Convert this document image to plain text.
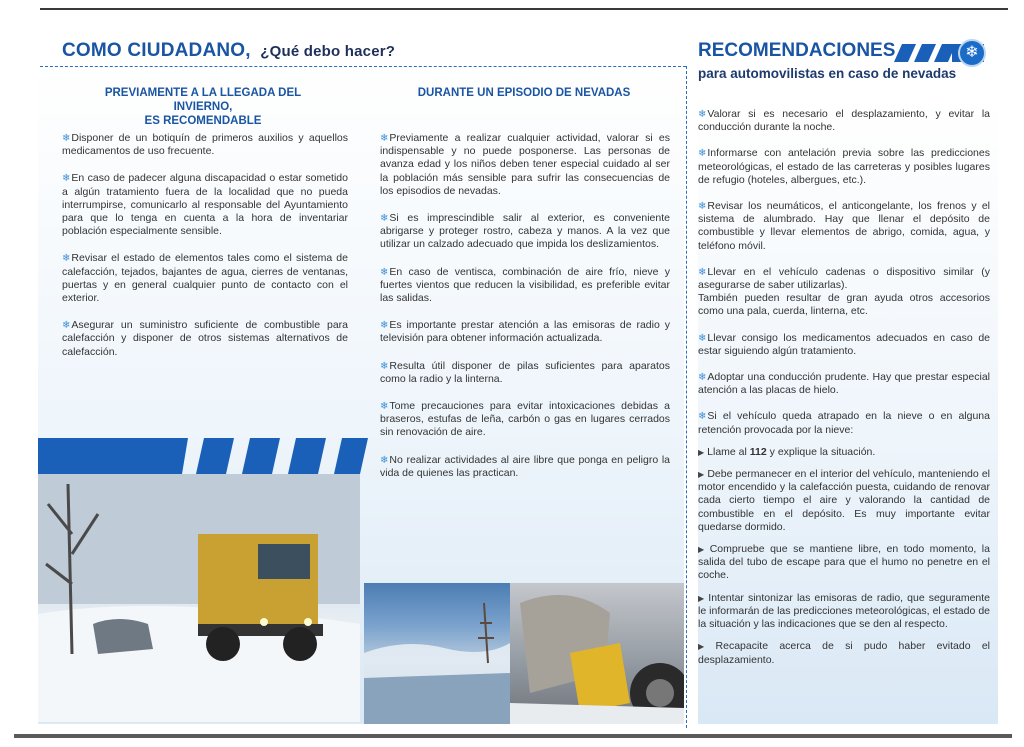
COMO CIUDADANO, ¿Qué debo hacer?	RECOMENDACIONES	❄
para automovilistas en caso de nevadas
PREVIAMENTE A LA LLEGADA DEL INVIERNO,
ES RECOMENDABLE

❄Disponer de un botiquín de primeros auxilios y aquellos medicamentos de uso frecuente.

❄En caso de padecer alguna discapacidad o estar sometido a algún tratamiento fuera de la localidad que no pueda interrumpirse, comunicarlo al responsable del Ayuntamiento para que lo tenga en cuenta a la hora de inventariar población especialmente sensible.

❄Revisar el estado de elementos tales como el sistema de calefacción, tejados, bajantes de agua, cierres de ventanas, puertas y en general cualquier punto de contacto con el exterior.

❄Asegurar un suministro suficiente de combustible para calefacción y disponer de otros sistemas alternativos de calefacción.

DURANTE UN EPISODIO DE NEVADAS

❄Previamente a realizar cualquier actividad, valorar si es indispensable y no puede posponerse. Las personas de avanza edad y los niños deben tener especial cuidado al ser la población más sensible para sufrir las consecuencias de los episodios de nevadas.

❄Si es imprescindible salir al exterior, es conveniente abrigarse y proteger rostro, cabeza y manos. A la vez que utilizar un calzado adecuado que impida los deslizamientos.

❄En caso de ventisca, combinación de aire frío, nieve y fuertes vientos que reducen la visibilidad, es preferible evitar las salidas.

❄Es importante prestar atención a las emisoras de radio y televisión para obtener información actualizada.

❄Resulta útil disponer de pilas suficientes para aparatos como la radio y la linterna.

❄Tome precauciones para evitar intoxicaciones debidas a braseros, estufas de leña, carbón o gas en lugares cerrados sin renovación de aire.

❄No realizar actividades al aire libre que ponga en peligro la vida de quienes las practican.

❄Valorar si es necesario el desplazamiento, y evitar la conducción durante la noche.

❄Informarse con antelación previa sobre las predicciones meteorológicas, el estado de las carreteras y posibles lugares de refugio (hoteles, albergues, etc.).

❄Revisar los neumáticos, el anticongelante, los frenos y el sistema de alumbrado. Hay que llenar el depósito de combustible y llevar elementos de abrigo, comida, agua, y teléfono móvil.

❄Llevar en el vehículo cadenas o dispositivo similar (y asegurarse de saber utilizarlas).
También pueden resultar de gran ayuda otros accesorios como una pala, cuerda, linterna, etc.

❄Llevar consigo los medicamentos adecuados en caso de estar siguiendo algún tratamiento.

❄Adoptar una conducción prudente. Hay que prestar especial atención a las placas de hielo.

❄Si el vehículo queda atrapado en la nieve o en alguna retención provocada por la nieve:

▶ Llame al 112 y explique la situación.

▶ Debe permanecer en el interior del vehículo, manteniendo el motor encendido y la calefacción puesta, cuidando de renovar cada cierto tiempo el aire y valorando la cantidad de combustible en el depósito. Es muy importante evitar quedarse dormido.

▶ Compruebe que se mantiene libre, en todo momento, la salida del tubo de escape para que el humo no penetre en el coche.

▶ Intentar sintonizar las emisoras de radio, que seguramente le informarán de las predicciones meteorológicas, el estado de la situación y las indicaciones que se den al respecto.

▶ Recapacite acerca de si pudo haber evitado el desplazamiento.
